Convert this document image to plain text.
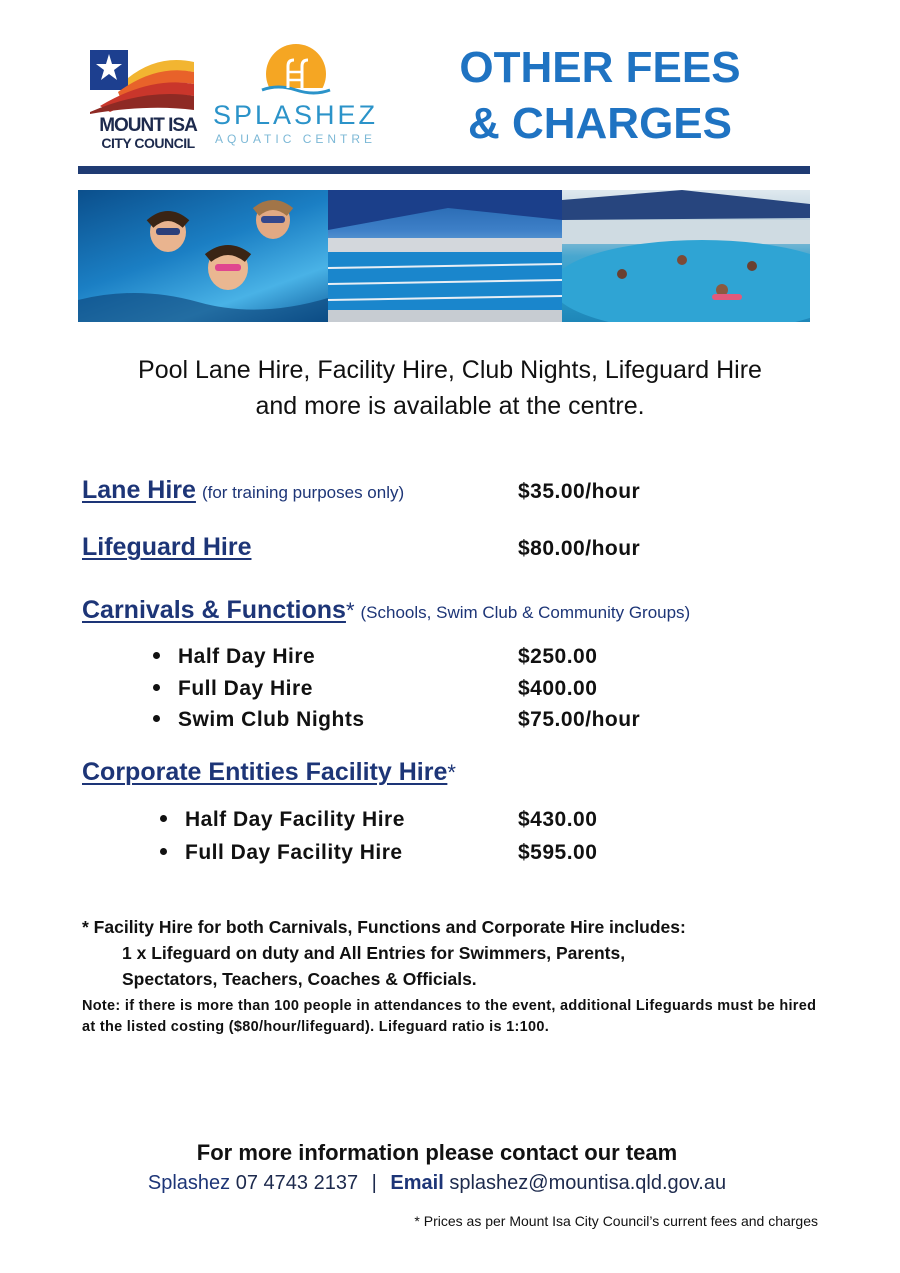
MOUNT ISA
CITY COUNCIL
SPLASHEZ
AQUATIC CENTRE
OTHER FEES
& CHARGES
Pool Lane Hire, Facility Hire, Club Nights, Lifeguard Hire
and more is available at the centre.
Lane Hire (for training purposes only)	$35.00/hour
Lifeguard Hire	$80.00/hour
Carnivals & Functions* (Schools, Swim Club & Community Groups)
Half Day Hire	$250.00
Full Day Hire	$400.00
Swim Club Nights	$75.00/hour
Corporate Entities Facility Hire*
Half Day Facility Hire	$430.00
Full Day Facility Hire	$595.00
* Facility Hire for both Carnivals, Functions and Corporate Hire includes:
1 x Lifeguard on duty and All Entries for Swimmers, Parents,
Spectators, Teachers, Coaches & Officials.
Note: if there is more than 100 people in attendances to the event, additional Lifeguards must be hired at the listed costing ($80/hour/lifeguard). Lifeguard ratio is 1:100.
For more information please contact our team
Splashez 07 4743 2137 | Email splashez@mountisa.qld.gov.au
* Prices as per Mount Isa City Council’s current fees and charges
